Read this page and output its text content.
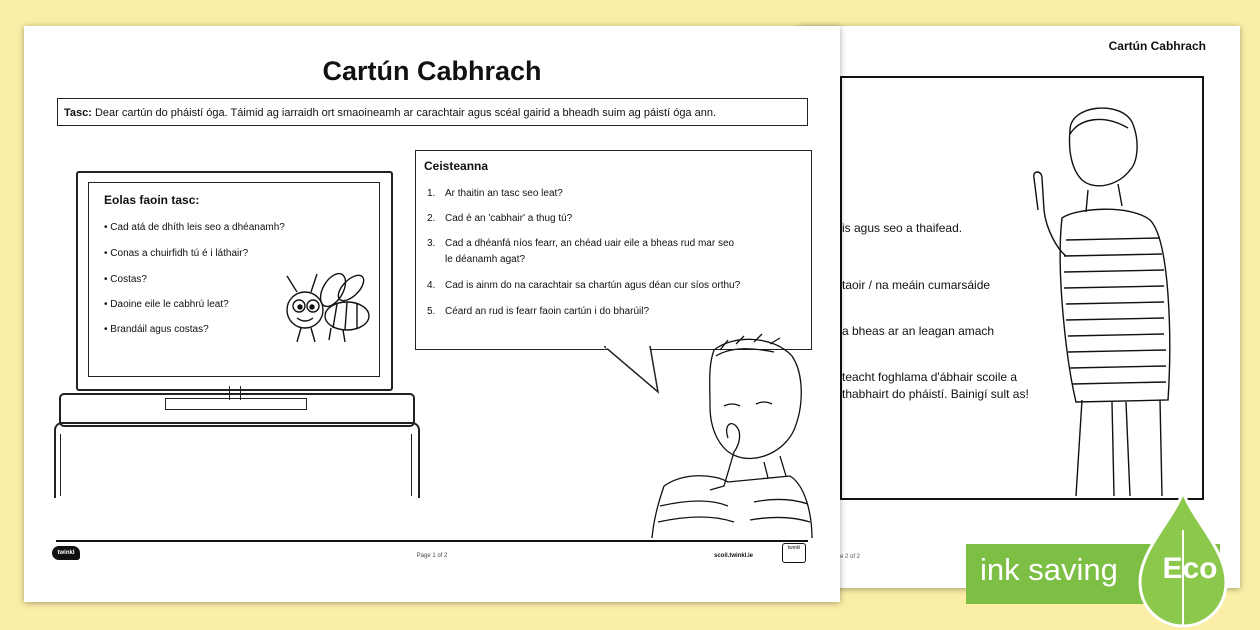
Cartún Cabhrach
is agus seo a thaifead.
taoir / na meáin cumarsáide
a bheas ar an leagan amach
teacht foghlama d'ábhair scoile a
thabhairt do pháistí. Bainigí sult as!
e 2 of 2
Cartún Cabhrach
Tasc: Dear cartún do pháistí óga. Táimid ag iarraidh ort smaoineamh ar carachtair agus scéal gairid a bheadh suim ag páistí óga ann.
Eolas faoin tasc:
• Cad atá de dhíth leis seo a dhéanamh?
• Conas a chuirfidh tú é i láthair?
• Costas?
• Daoine eile le cabhrú leat?
• Brandáil agus costas?
Ceisteanna
1. Ar thaitin an tasc seo leat?
2. Cad é an 'cabhair' a thug tú?
3. Cad a dhéanfá níos fearr, an chéad uair eile a bheas rud mar seo
le déanamh agat?
4. Cad is ainm do na carachtair sa chartún agus déan cur síos orthu?
5. Céard an rud is fearr faoin cartún i do bharúil?
twinkl	Page 1 of 2	scoil.twinkl.ie
twinkl
ink saving Eco
